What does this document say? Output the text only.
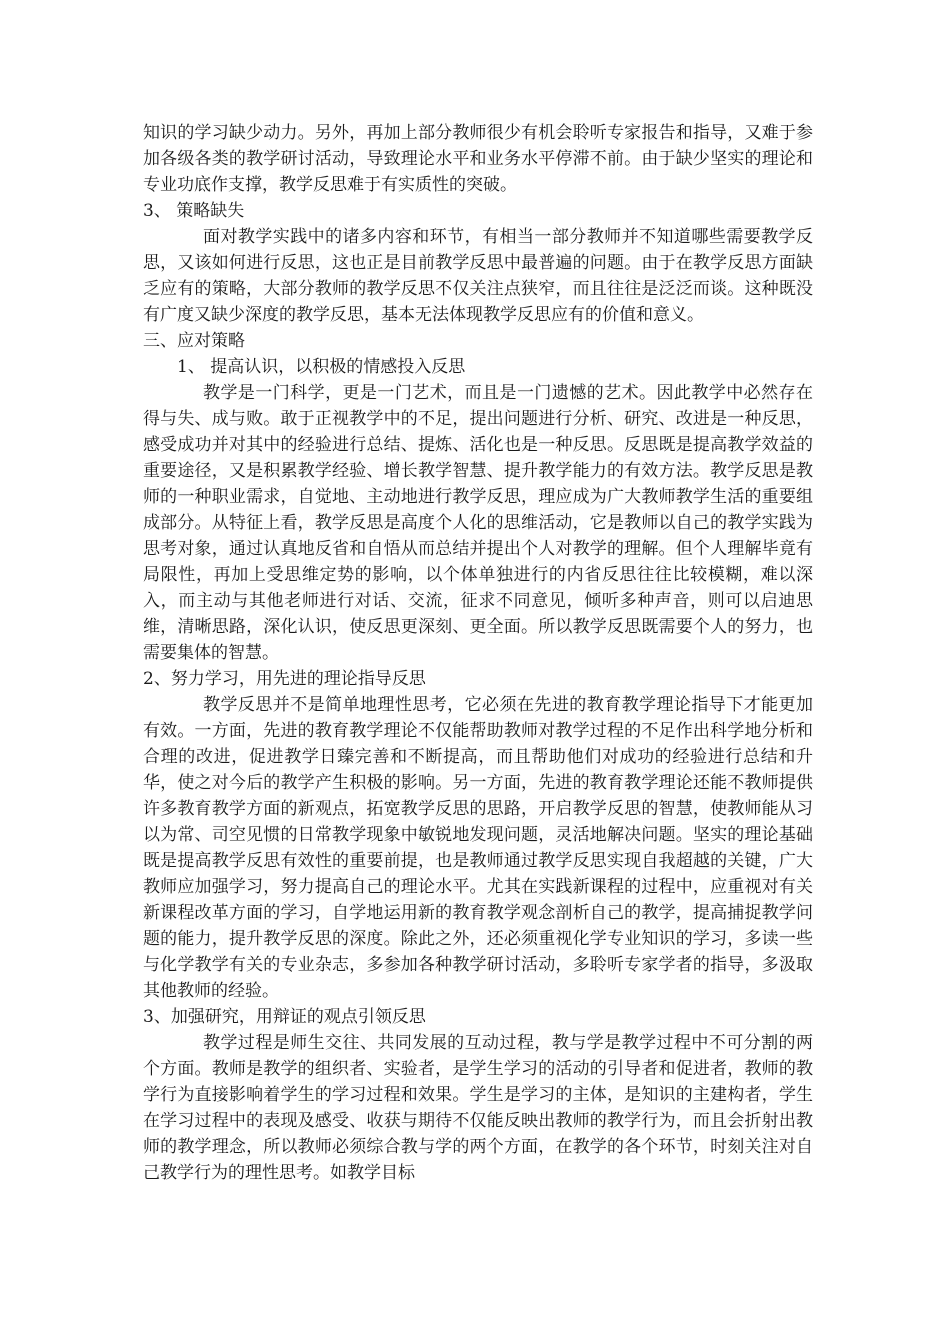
知识的学习缺少动力。另外，再加上部分教师很少有机会聆听专家报告和指导，又难于参加各级各类的教学研讨活动，导致理论水平和业务水平停滞不前。由于缺少坚实的理论和专业功底作支撑，教学反思难于有实质性的突破。

3、 策略缺失

面对教学实践中的诸多内容和环节，有相当一部分教师并不知道哪些需要教学反思，又该如何进行反思，这也正是目前教学反思中最普遍的问题。由于在教学反思方面缺乏应有的策略，大部分教师的教学反思不仅关注点狭窄，而且往往是泛泛而谈。这种既没有广度又缺少深度的教学反思，基本无法体现教学反思应有的价值和意义。

三、应对策略

1、 提高认识，以积极的情感投入反思

教学是一门科学，更是一门艺术，而且是一门遗憾的艺术。因此教学中必然存在得与失、成与败。敢于正视教学中的不足，提出问题进行分析、研究、改进是一种反思，感受成功并对其中的经验进行总结、提炼、活化也是一种反思。反思既是提高教学效益的重要途径，又是积累教学经验、增长教学智慧、提升教学能力的有效方法。教学反思是教师的一种职业需求，自觉地、主动地进行教学反思，理应成为广大教师教学生活的重要组成部分。从特征上看，教学反思是高度个人化的思维活动，它是教师以自己的教学实践为思考对象，通过认真地反省和自悟从而总结并提出个人对教学的理解。但个人理解毕竟有局限性，再加上受思维定势的影响，以个体单独进行的内省反思往往比较模糊，难以深入，而主动与其他老师进行对话、交流，征求不同意见，倾听多种声音，则可以启迪思维，清晰思路，深化认识，使反思更深刻、更全面。所以教学反思既需要个人的努力，也需要集体的智慧。

2、努力学习，用先进的理论指导反思

教学反思并不是简单地理性思考，它必须在先进的教育教学理论指导下才能更加有效。一方面，先进的教育教学理论不仅能帮助教师对教学过程的不足作出科学地分析和合理的改进，促进教学日臻完善和不断提高，而且帮助他们对成功的经验进行总结和升华，使之对今后的教学产生积极的影响。另一方面，先进的教育教学理论还能不教师提供许多教育教学方面的新观点，拓宽教学反思的思路，开启教学反思的智慧，使教师能从习以为常、司空见惯的日常教学现象中敏锐地发现问题，灵活地解决问题。坚实的理论基础既是提高教学反思有效性的重要前提，也是教师通过教学反思实现自我超越的关键，广大教师应加强学习，努力提高自己的理论水平。尤其在实践新课程的过程中，应重视对有关新课程改革方面的学习，自学地运用新的教育教学观念剖析自己的教学，提高捕捉教学问题的能力，提升教学反思的深度。除此之外，还必须重视化学专业知识的学习，多读一些与化学教学有关的专业杂志，多参加各种教学研讨活动，多聆听专家学者的指导，多汲取其他教师的经验。

3、加强研究，用辩证的观点引领反思

教学过程是师生交往、共同发展的互动过程，教与学是教学过程中不可分割的两个方面。教师是教学的组织者、实验者，是学生学习的活动的引导者和促进者，教师的教学行为直接影响着学生的学习过程和效果。学生是学习的主体，是知识的主建构者，学生在学习过程中的表现及感受、收获与期待不仅能反映出教师的教学行为，而且会折射出教师的教学理念，所以教师必须综合教与学的两个方面，在教学的各个环节，时刻关注对自己教学行为的理性思考。如教学目标
